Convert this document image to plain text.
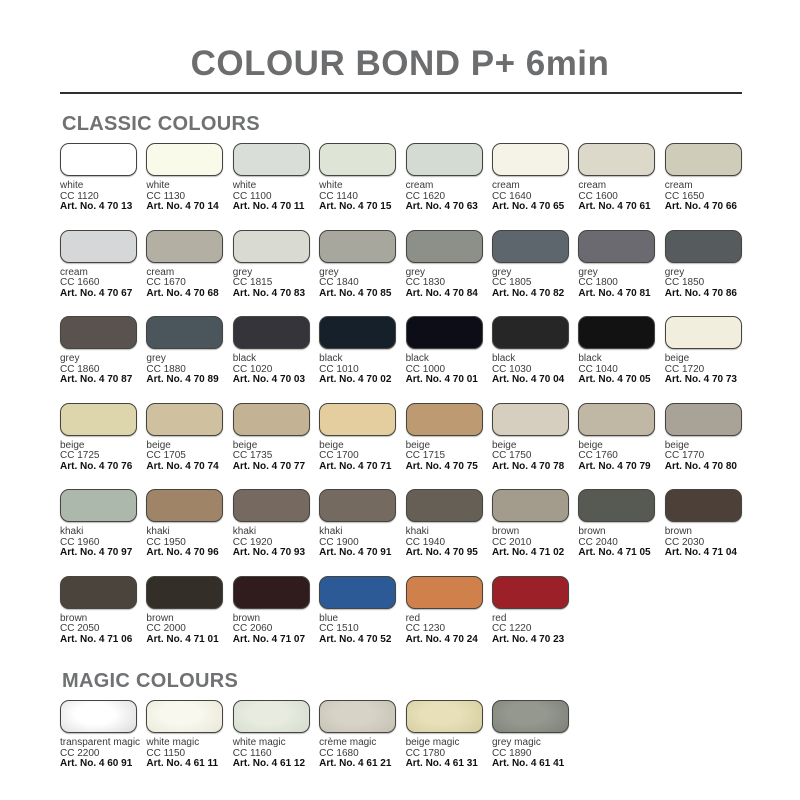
COLOUR BOND P+ 6min
CLASSIC COLOURS
white
CC 1120
Art. No. 4 70 13
white
CC 1130
Art. No. 4 70 14
white
CC 1100
Art. No. 4 70 11
white
CC 1140
Art. No. 4 70 15
cream
CC 1620
Art. No. 4 70 63
cream
CC 1640
Art. No. 4 70 65
cream
CC 1600
Art. No. 4 70 61
cream
CC 1650
Art. No. 4 70 66
cream
CC 1660
Art. No. 4 70 67
cream
CC 1670
Art. No. 4 70 68
grey
CC 1815
Art. No. 4 70 83
grey
CC 1840
Art. No. 4 70 85
grey
CC 1830
Art. No. 4 70 84
grey
CC 1805
Art. No. 4 70 82
grey
CC 1800
Art. No. 4 70 81
grey
CC 1850
Art. No. 4 70 86
grey
CC 1860
Art. No. 4 70 87
grey
CC 1880
Art. No. 4 70 89
black
CC 1020
Art. No. 4 70 03
black
CC 1010
Art. No. 4 70 02
black
CC 1000
Art. No. 4 70 01
black
CC 1030
Art. No. 4 70 04
black
CC 1040
Art. No. 4 70 05
beige
CC 1720
Art. No. 4 70 73
beige
CC 1725
Art. No. 4 70 76
beige
CC 1705
Art. No. 4 70 74
beige
CC 1735
Art. No. 4 70 77
beige
CC 1700
Art. No. 4 70 71
beige
CC 1715
Art. No. 4 70 75
beige
CC 1750
Art. No. 4 70 78
beige
CC 1760
Art. No. 4 70 79
beige
CC 1770
Art. No. 4 70 80
khaki
CC 1960
Art. No. 4 70 97
khaki
CC 1950
Art. No. 4 70 96
khaki
CC 1920
Art. No. 4 70 93
khaki
CC 1900
Art. No. 4 70 91
khaki
CC 1940
Art. No. 4 70 95
brown
CC 2010
Art. No. 4 71 02
brown
CC 2040
Art. No. 4 71 05
brown
CC 2030
Art. No. 4 71 04
brown
CC 2050
Art. No. 4 71 06
brown
CC 2000
Art. No. 4 71 01
brown
CC 2060
Art. No. 4 71 07
blue
CC 1510
Art. No. 4 70 52
red
CC 1230
Art. No. 4 70 24
red
CC 1220
Art. No. 4 70 23
MAGIC COLOURS
transparent magic
CC 2200
Art. No. 4 60 91
white magic
CC 1150
Art. No. 4 61 11
white magic
CC 1160
Art. No. 4 61 12
crème magic
CC 1680
Art. No. 4 61 21
beige magic
CC 1780
Art. No. 4 61 31
grey magic
CC 1890
Art. No. 4 61 41
